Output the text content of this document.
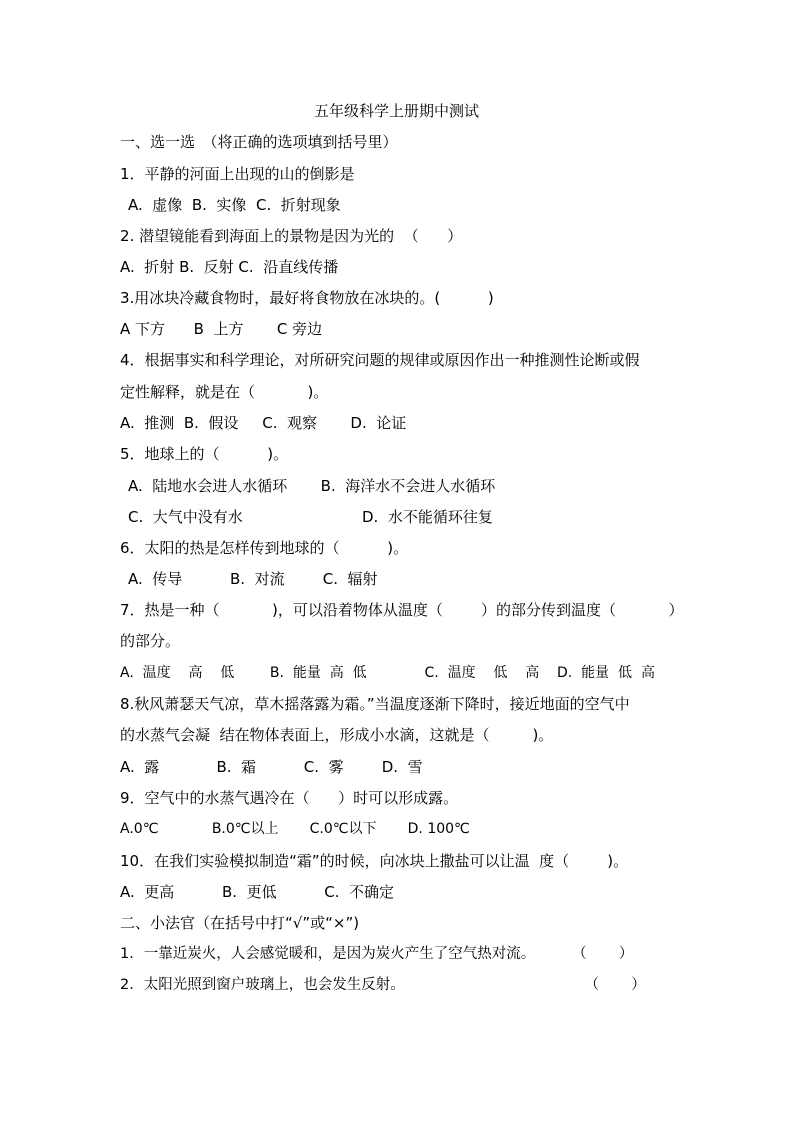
五年级科学上册期中测试
一、选一选　（将正确的选项填到括号里）
1．平静的河面上出现的山的倒影是
A.  虚像  B.  实像  C.  折射现象
2. 潜望镜能看到海面上的景物是因为光的  （      ）
A.  折射 B.  反射 C.  沿直线传播
3.用冰块冷藏食物时，最好将食物放在冰块的。(          )
A 下方      B  上方       C 旁边
4．根据事实和科学理论，对所研究问题的规律或原因作出一种推测性论断或假
定性解释，就是在（           )。
A.  推测  B.  假设     C.  观察       D.  论证
5．地球上的（          )。
A.  陆地水会进人水循环       B.  海洋水不会进人水循环
C.  大气中没有水                         D.  水不能循环往复
6．太阳的热是怎样传到地球的（          )。
A.  传导          B.  对流        C.  辐射
7．热是一种（           )，可以沿着物体从温度（        ）的部分传到温度（           ）
的部分。
A.  温度    高    低        B.  能量  高  低             C.  温度    低    高    D.  能量  低  高
8.秋风萧瑟天气凉，草木摇落露为霜。”当温度逐渐下降时，接近地面的空气中
的水蒸气会凝  结在物体表面上，形成小水滴，这就是（         )。
A.  露            B.  霜          C.  雾        D.  雪
9．空气中的水蒸气遇冷在（      ）时可以形成露。
A.0℃            B.0℃以上       C.0℃以下       D. 100℃
10．在我们实验模拟制造“霜”的时候，向冰块上撒盐可以让温  度（        )。
A.  更高          B.  更低          C.  不确定
二、小法官（在括号中打“√”或“×”)
1．一靠近炭火，人会感觉暖和，是因为炭火产生了空气热对流。        （       ）
2．太阳光照到窗户玻璃上，也会发生反射。                                       （       ）
